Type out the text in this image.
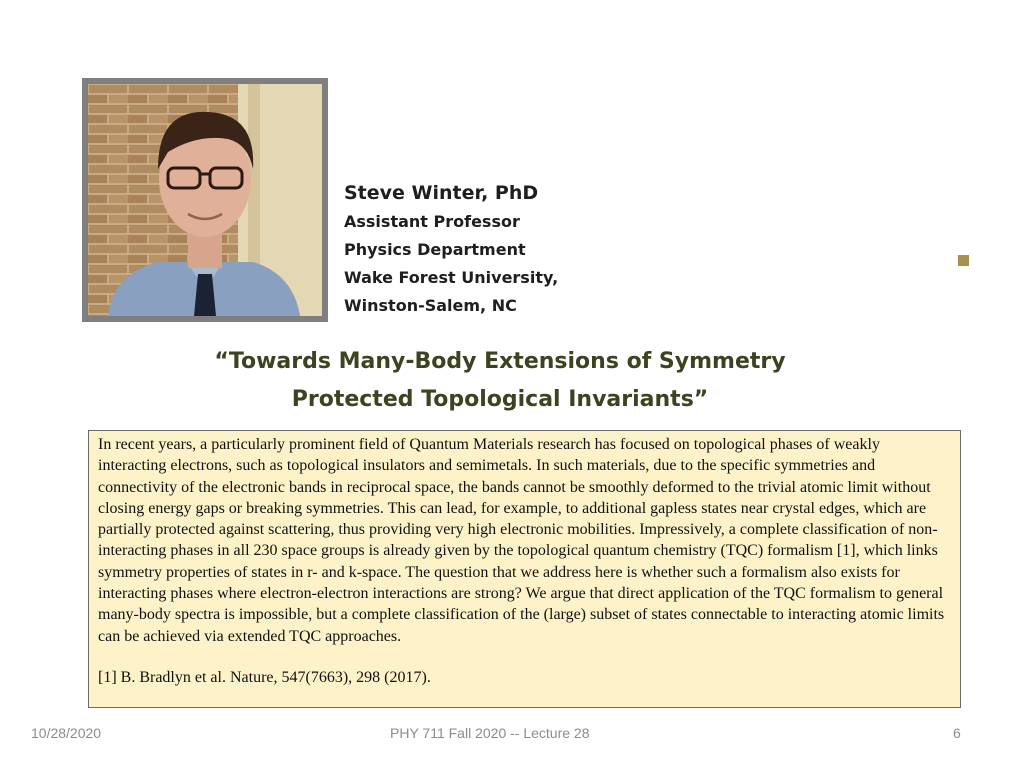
Steve Winter, PhD
Assistant Professor
Physics Department
Wake Forest University,
Winston-Salem, NC
“Towards Many-Body Extensions of Symmetry
Protected Topological Invariants”

In recent years, a particularly prominent field of Quantum Materials research has focused on topological phases of weakly interacting electrons, such as topological insulators and semimetals. In such materials, due to the specific symmetries and connectivity of the electronic bands in reciprocal space, the bands cannot be smoothly deformed to the trivial atomic limit without closing energy gaps or breaking symmetries. This can lead, for example, to additional gapless states near crystal edges, which are partially protected against scattering, thus providing very high electronic mobilities. Impressively, a complete classification of non-interacting phases in all 230 space groups is already given by the topological quantum chemistry (TQC) formalism [1], which links symmetry properties of states in r- and k-space. The question that we address here is whether such a formalism also exists for interacting phases where electron-electron interactions are strong? We argue that direct application of the TQC formalism to general many-body spectra is impossible, but a complete classification of the (large) subset of states connectable to interacting atomic limits can be achieved via extended TQC approaches.

[1] B. Bradlyn et al. Nature, 547(7663), 298 (2017).

10/28/2020	PHY 711 Fall 2020 -- Lecture 28	6
